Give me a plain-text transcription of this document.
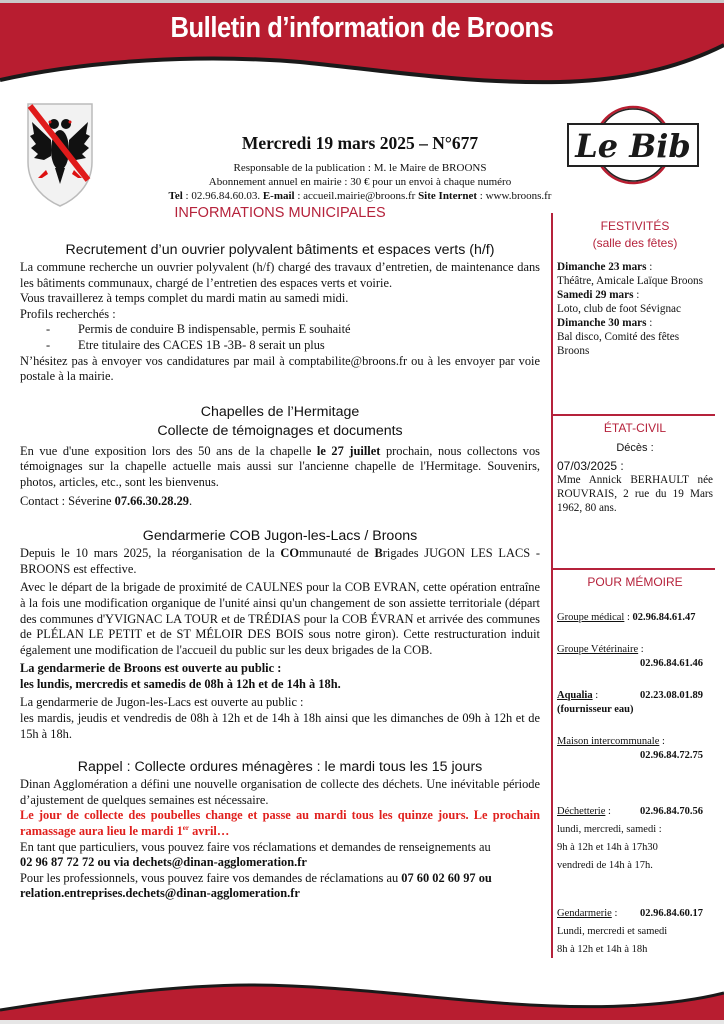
Bulletin d’information de Broons
Le Bib
Mercredi 19 mars 2025 – N°677
Responsable de la publication : M. le Maire de BROONS
Abonnement annuel en mairie : 30 € pour un envoi à chaque numéro
Tel : 02.96.84.60.03. E-mail : accueil.mairie@broons.fr Site Internet : www.broons.fr
INFORMATIONS MUNICIPALES
Recrutement d’un ouvrier polyvalent bâtiments et espaces verts (h/f)

La commune recherche un ouvrier polyvalent (h/f) chargé des travaux d’entretien, de maintenance dans les bâtiments communaux, chargé de l’entretien des espaces verts et voirie.

Vous travaillerez à temps complet du mardi matin au samedi midi.

Profils recherchés :

- Permis de conduire B indispensable, permis E souhaité
- Etre titulaire des CACES 1B -3B- 8 serait un plus

N’hésitez pas à envoyer vos candidatures par mail à comptabilite@broons.fr ou à les envoyer par voie postale à la mairie.

Chapelles de l’Hermitage
Collecte de témoignages et documents

En vue d'une exposition lors des 50 ans de la chapelle le 27 juillet prochain, nous collectons vos témoignages sur la chapelle actuelle mais aussi sur l'ancienne chapelle de l'Hermitage. Souvenirs, photos, articles, etc., sont les bienvenus.

Contact : Séverine 07.66.30.28.29.

Gendarmerie COB Jugon-les-Lacs / Broons

Depuis le 10 mars 2025, la réorganisation de la COmmunauté de Brigades JUGON LES LACS - BROONS est effective.

Avec le départ de la brigade de proximité de CAULNES pour la COB EVRAN, cette opération entraîne à la fois une modification organique de l'unité ainsi qu'un changement de son assiette territoriale (départ des communes d'YVIGNAC LA TOUR et de TRÉDIAS pour la COB ÉVRAN et arrivée des communes de PLÉLAN LE PETIT et de ST MÉLOIR DES BOIS sous notre giron). Cette restructuration induit également une modification de l'accueil du public sur les deux brigades de la COB.

La gendarmerie de Broons est ouverte au public :

les lundis, mercredis et samedis de 08h à 12h et de 14h à 18h.

La gendarmerie de Jugon-les-Lacs est ouverte au public :

les mardis, jeudis et vendredis de 08h à 12h et de 14h à 18h ainsi que les dimanches de 09h à 12h et de 15h à 18h.

Rappel : Collecte ordures ménagères : le mardi tous les 15 jours

Dinan Agglomération a défini une nouvelle organisation de collecte des déchets. Une inévitable période d’ajustement de quelques semaines est nécessaire.

Le jour de collecte des poubelles change et passe au mardi tous les quinze jours. Le prochain ramassage aura lieu le mardi 1er avril…

En tant que particuliers, vous pouvez faire vos réclamations et demandes de renseignements au

02 96 87 72 72 ou via dechets@dinan-agglomeration.fr

Pour les professionnels, vous pouvez faire vos demandes de réclamations au 07 60 02 60 97 ou

relation.entreprises.dechets@dinan-agglomeration.fr

FESTIVITÉS
(salle des fêtes)
Dimanche 23 mars :
Théâtre, Amicale Laïque Broons
Samedi 29 mars :
Loto, club de foot Sévignac
Dimanche 30 mars :
Bal disco, Comité des fêtes Broons
ÉTAT-CIVIL
Décès :
07/03/2025 :
Mme Annick BERHAULT née ROUVRAIS, 2 rue du 19 Mars 1962, 80 ans.
POUR MÉMOIRE
Groupe médical : 02.96.84.61.47
Groupe Vétérinaire :
02.96.84.61.46
Aqualia :	02.23.08.01.89
(fournisseur eau)
Maison intercommunale :
02.96.84.72.75
Déchetterie :	02.96.84.70.56
lundi, mercredi, samedi :
9h à 12h et 14h à 17h30
vendredi de 14h à 17h.
Gendarmerie : 02.96.84.60.17
Lundi, mercredi et samedi
8h à 12h et 14h à 18h
